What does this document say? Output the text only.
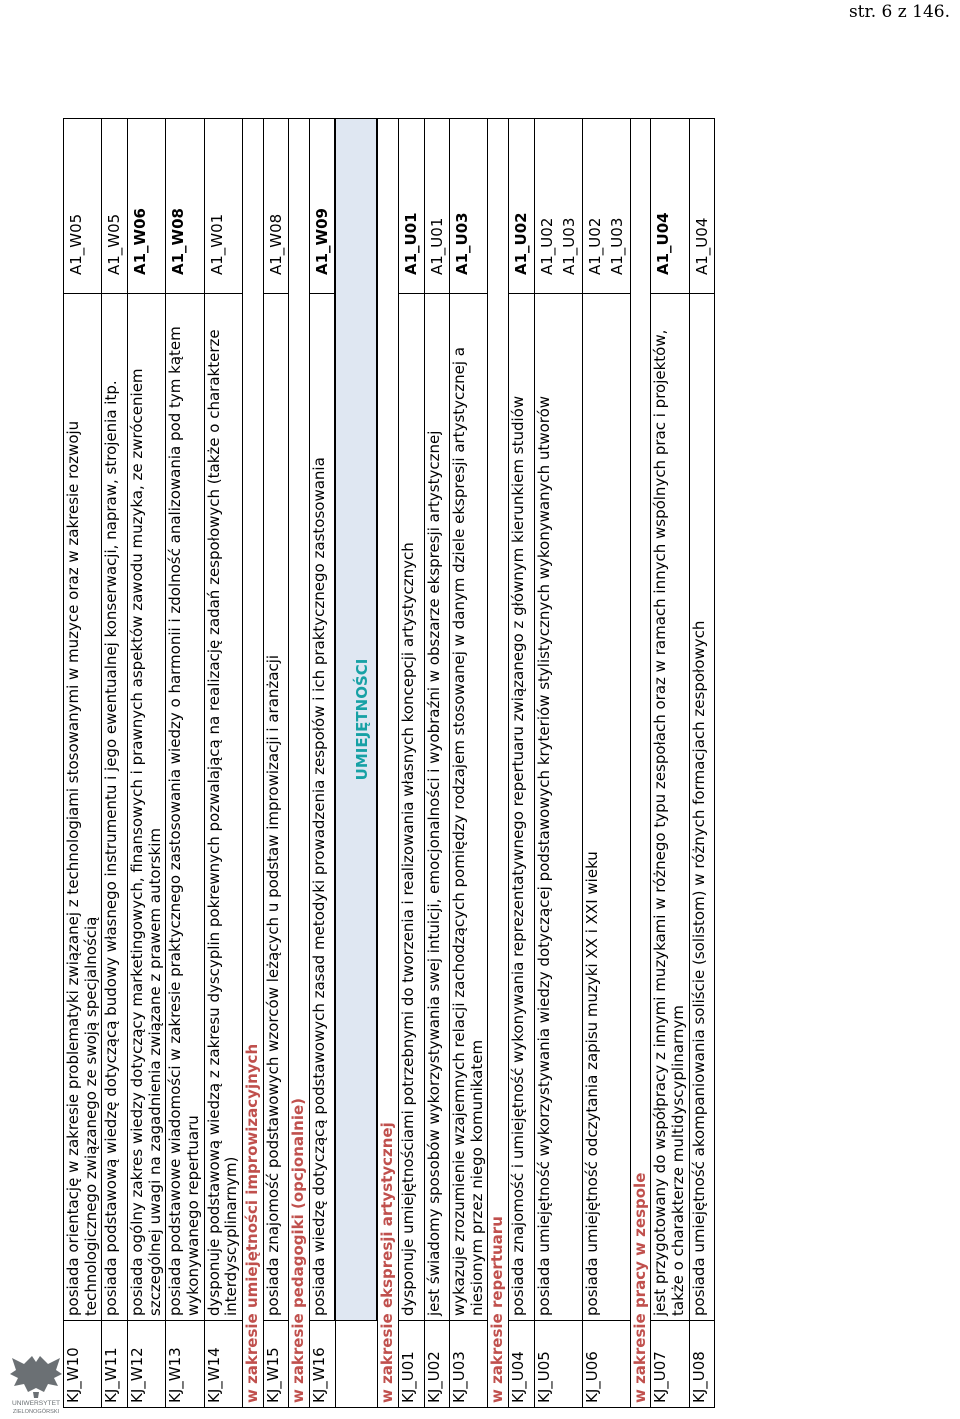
str. 6 z 146.
UNIWERSYTET
ZIELONOGÓRSKI
KJ_W10	posiada orientację w zakresie problematyki związanej z technologiami stosowanymi w muzyce oraz w zakresie rozwoju technologicznego związanego ze swoją specjalnością	A1_W05

KJ_W11	posiada podstawową wiedzę dotyczącą budowy własnego instrumentu i jego ewentualnej konserwacji, napraw, strojenia itp.	A1_W05

KJ_W12	posiada ogólny zakres wiedzy dotyczący marketingowych, finansowych i prawnych aspektów zawodu muzyka, ze zwróceniem szczególnej uwagi na zagadnienia związane z prawem autorskim	A1_W06

KJ_W13	posiada podstawowe wiadomości w zakresie praktycznego zastosowania wiedzy o harmonii i zdolność analizowania pod tym kątem wykonywanego repertuaru	A1_W08

KJ_W14	dysponuje podstawową wiedzą z zakresu dyscyplin pokrewnych pozwalającą na realizację zadań zespołowych (także o charakterze interdyscyplinarnym)	A1_W01

w zakresie umiejętności improwizacyjnych		
KJ_W15	posiada znajomość podstawowych wzorców leżących u podstaw improwizacji i aranżacji	A1_W08

w zakresie pedagogiki (opcjonalnie)		
KJ_W16	posiada wiedzę dotyczącą podstawowych zasad metodyki prowadzenia zespołów i ich praktycznego zastosowania	A1_W09

	UMIEJĘTNOŚCI	
w zakresie ekspresji artystycznej		
KJ_U01	dysponuje umiejętnościami potrzebnymi do tworzenia i realizowania własnych koncepcji artystycznych	A1_U01

KJ_U02	jest świadomy sposobów wykorzystywania swej intuicji, emocjonalności i wyobraźni w obszarze ekspresji artystycznej	A1_U01

KJ_U03	wykazuje zrozumienie wzajemnych relacji zachodzących pomiędzy rodzajem stosowanej w danym dziele ekspresji artystycznej a niesionym przez niego komunikatem	A1_U03

w zakresie repertuaru		
KJ_U04	posiada znajomość i umiejętność wykonywania reprezentatywnego repertuaru związanego z głównym kierunkiem studiów	A1_U02

KJ_U05	posiada umiejętność wykorzystywania wiedzy dotyczącej podstawowych kryteriów stylistycznych wykonywanych utworów	A1_U02 A1_U03

KJ_U06	posiada umiejętność odczytania zapisu muzyki XX i XXI wieku	A1_U02 A1_U03

w zakresie pracy w zespole		
KJ_U07	jest przygotowany do współpracy z innymi muzykami w różnego typu zespołach oraz w ramach innych wspólnych prac i projektów, także o charakterze multidyscyplinarnym	A1_U04

KJ_U08	posiada umiejętność akompaniowania soliście (solistom) w różnych formacjach zespołowych	A1_U04
